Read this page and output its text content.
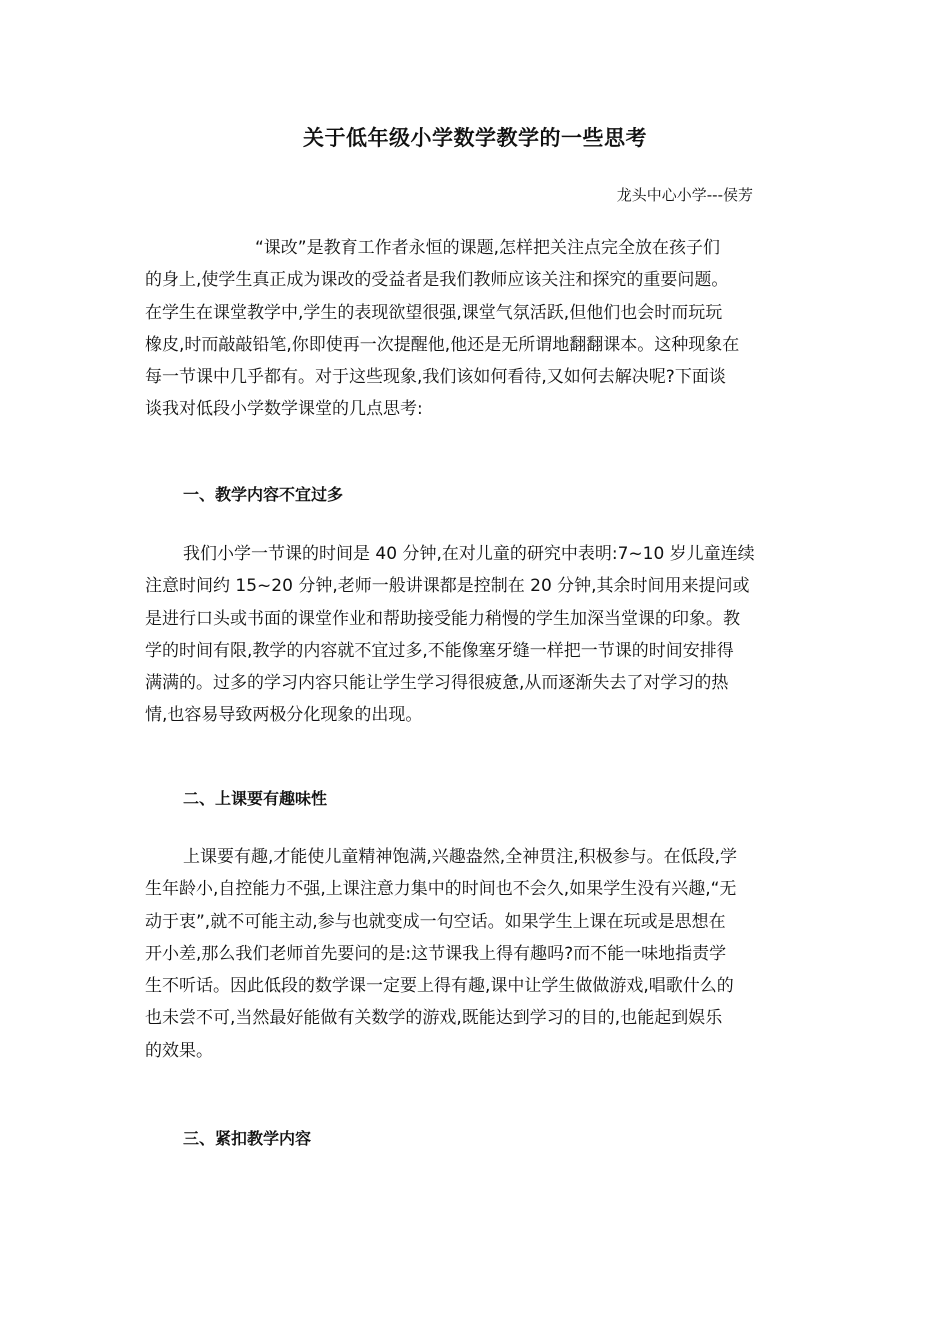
关于低年级小学数学教学的一些思考
龙头中心小学---侯芳
“课改”是教育工作者永恒的课题,怎样把关注点完全放在孩子们
的身上,使学生真正成为课改的受益者是我们教师应该关注和探究的重要问题。
在学生在课堂教学中,学生的表现欲望很强,课堂气氛活跃,但他们也会时而玩玩
橡皮,时而敲敲铅笔,你即使再一次提醒他,他还是无所谓地翻翻课本。这种现象在
每一节课中几乎都有。对于这些现象,我们该如何看待,又如何去解决呢?下面谈
谈我对低段小学数学课堂的几点思考:
一、教学内容不宜过多
我们小学一节课的时间是 40 分钟,在对儿童的研究中表明:7~10 岁儿童连续
注意时间约 15~20 分钟,老师一般讲课都是控制在 20 分钟,其余时间用来提问或
是进行口头或书面的课堂作业和帮助接受能力稍慢的学生加深当堂课的印象。教
学的时间有限,教学的内容就不宜过多,不能像塞牙缝一样把一节课的时间安排得
满满的。过多的学习内容只能让学生学习得很疲惫,从而逐渐失去了对学习的热
情,也容易导致两极分化现象的出现。
二、上课要有趣味性
上课要有趣,才能使儿童精神饱满,兴趣盎然,全神贯注,积极参与。在低段,学
生年龄小,自控能力不强,上课注意力集中的时间也不会久,如果学生没有兴趣,“无
动于衷”,就不可能主动,参与也就变成一句空话。如果学生上课在玩或是思想在
开小差,那么我们老师首先要问的是:这节课我上得有趣吗?而不能一味地指责学
生不听话。因此低段的数学课一定要上得有趣,课中让学生做做游戏,唱歌什么的
也未尝不可,当然最好能做有关数学的游戏,既能达到学习的目的,也能起到娱乐
的效果。
三、紧扣教学内容
